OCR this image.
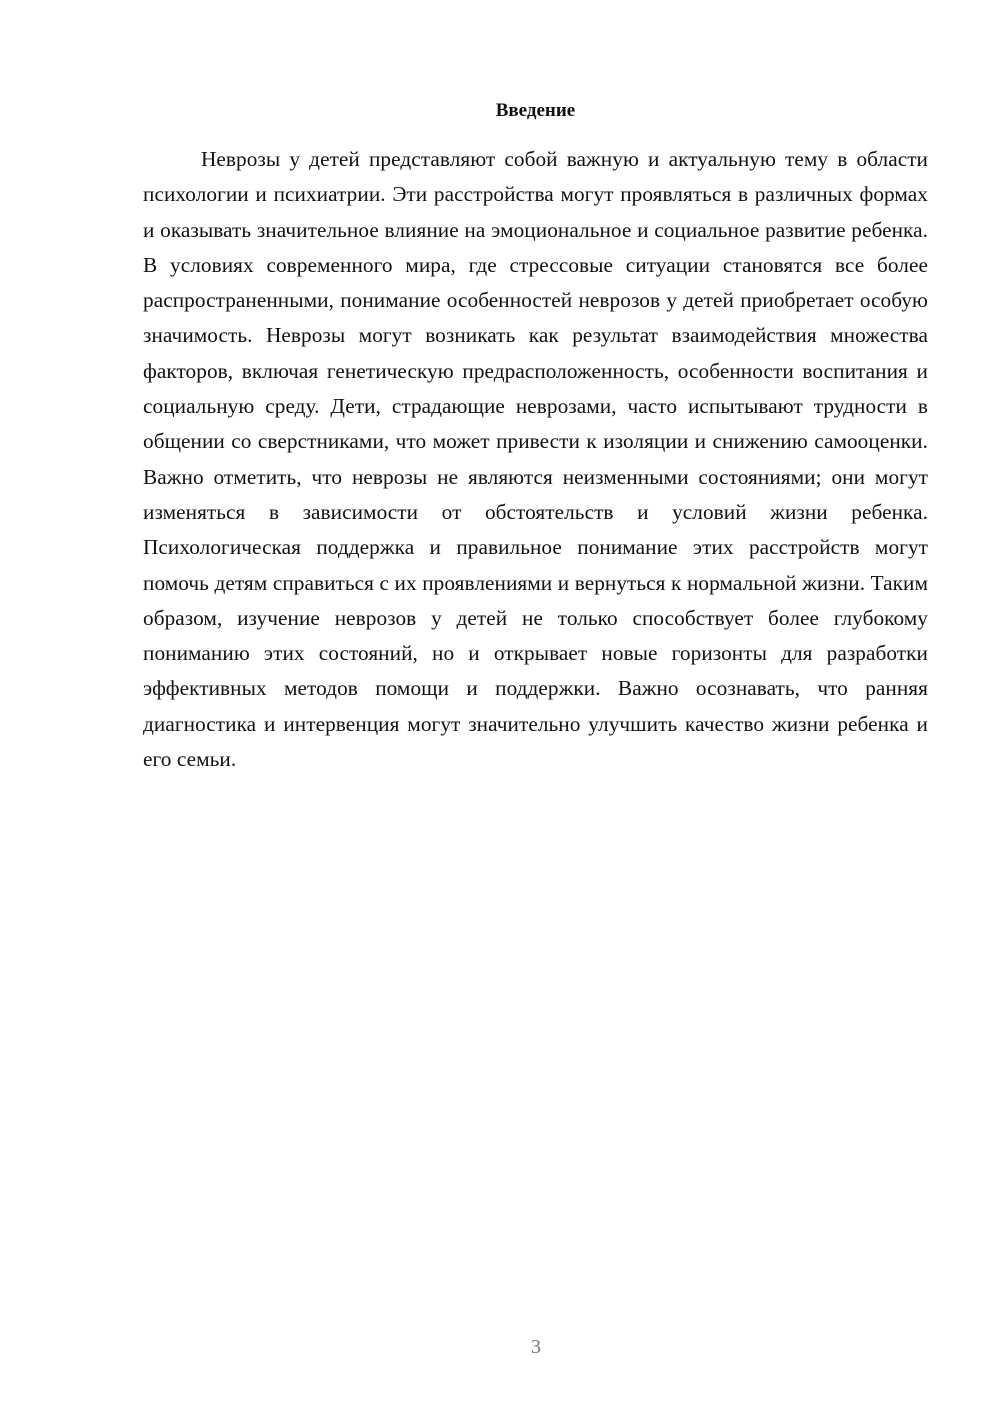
Введение

Неврозы у детей представляют собой важную и актуальную тему в области психологии и психиатрии. Эти расстройства могут проявляться в различных формах и оказывать значительное влияние на эмоциональное и социальное развитие ребенка. В условиях современного мира, где стрессовые ситуации становятся все более распространенными, понимание особенностей неврозов у детей приобретает особую значимость. Неврозы могут возникать как результат взаимодействия множества факторов, включая генетическую предрасположенность, особенности воспитания и социальную среду. Дети, страдающие неврозами, часто испытывают трудности в общении со сверстниками, что может привести к изоляции и снижению самооценки. Важно отметить, что неврозы не являются неизменными состояниями; они могут изменяться в зависимости от обстоятельств и условий жизни ребенка. Психологическая поддержка и правильное понимание этих расстройств могут помочь детям справиться с их проявлениями и вернуться к нормальной жизни. Таким образом, изучение неврозов у детей не только способствует более глубокому пониманию этих состояний, но и открывает новые горизонты для разработки эффективных методов помощи и поддержки. Важно осознавать, что ранняя диагностика и интервенция могут значительно улучшить качество жизни ребенка и его семьи.

3
